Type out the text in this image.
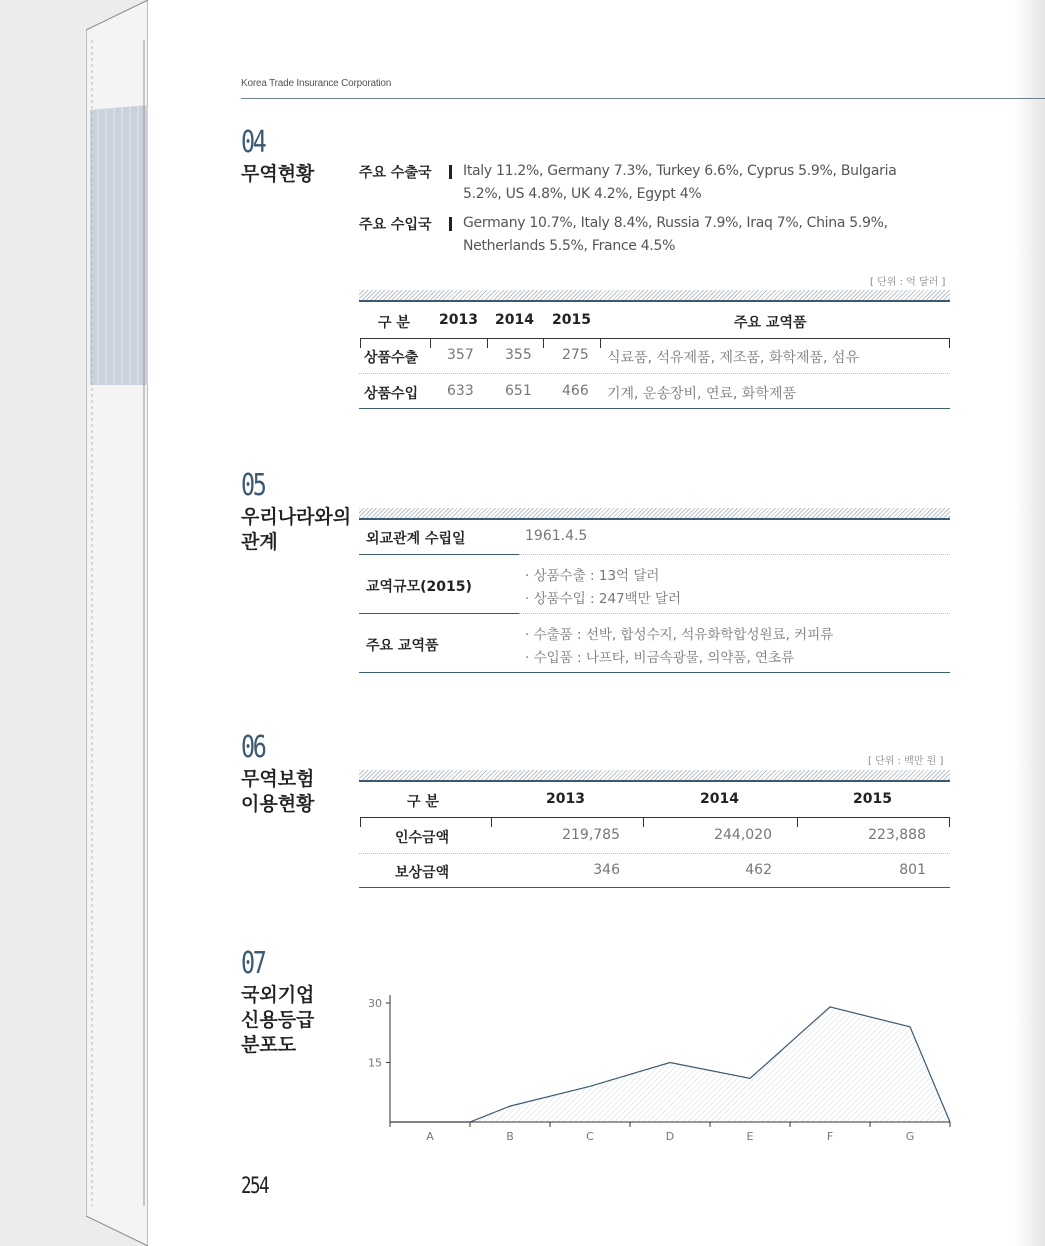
Korea Trade Insurance Corporation
04
무역현황	주요 수출국 Italy 11.2%, Germany 7.3%, Turkey 6.6%, Cyprus 5.9%, Bulgaria
5.2%, US 4.8%, UK 4.2%, Egypt 4%
주요 수입국 Germany 10.7%, Italy 8.4%, Russia 7.9%, Iraq 7%, China 5.9%,
Netherlands 5.5%, France 4.5%
[ 단위 : 억 달러 ]
구 분 2013 2014 2015	주요 교역품
상품수출 357 355 275 식료품, 석유제품, 제조품, 화학제품, 섬유
상품수입 633 651 466 기계, 운송장비, 연료, 화학제품
05
우리나라와의
관계	외교관계 수립일	1961.4.5
교역규모(2015)
· 상품수출 : 13억 달러
· 상품수입 : 247백만 달러
주요 교역품
· 수출품 : 선박, 합성수지, 석유화학합성원료, 커피류
· 수입품 : 나프타, 비금속광물, 의약품, 연초류
06
무역보험
이용현황
[ 단위 : 백만 원 ]
구 분	2013	2014	2015
인수금액	219,785	244,020	223,888
보상금액	346	462	801
07
국외기업
신용등급
분포도
15
30
A	B	C	D	E	F	G
254
